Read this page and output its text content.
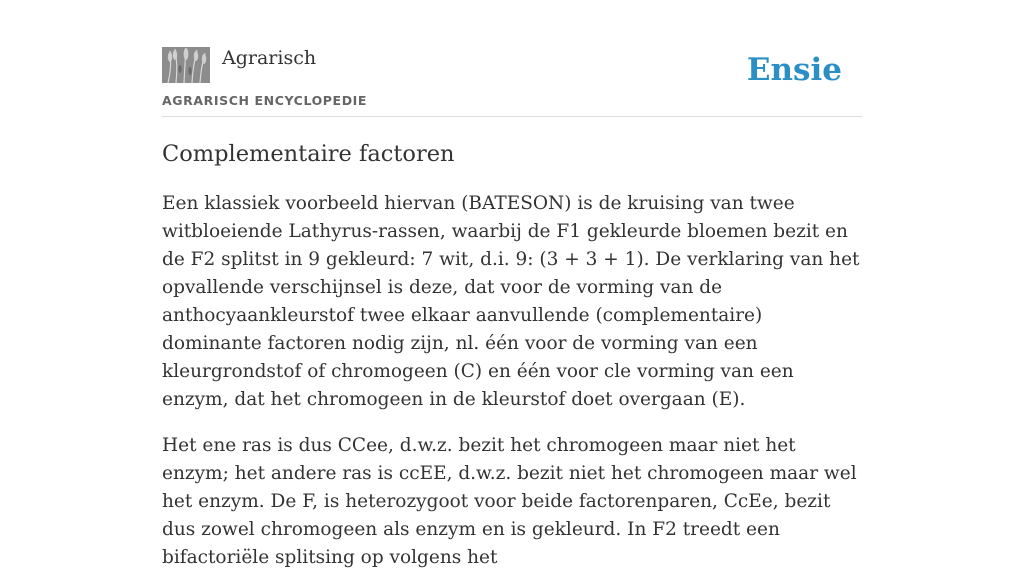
Agrarisch
AGRARISCH ENCYCLOPEDIE
Ensie
Complementaire factoren

Een klassiek voorbeeld hiervan (BATESON) is de kruising van twee witbloeiende Lathyrus-rassen, waarbij de F1 gekleurde bloemen bezit en de F2 splitst in 9 gekleurd: 7 wit, d.i. 9: (3 + 3 + 1). De verklaring van het opvallende verschijnsel is deze, dat voor de vorming van de anthocyaankleurstof twee elkaar aanvullende (complementaire) dominante factoren nodig zijn, nl. één voor de vorming van een kleurgrondstof of chromogeen (C) en één voor cle vorming van een enzym, dat het chromogeen in de kleurstof doet overgaan (E).

Het ene ras is dus CCee, d.w.z. bezit het chromogeen maar niet het enzym; het andere ras is ccEE, d.w.z. bezit niet het chromogeen maar wel het enzym. De F, is heterozygoot voor beide factorenparen, CcEe, bezit dus zowel chromogeen als enzym en is gekleurd. In F2 treedt een bifactoriële splitsing op volgens het
